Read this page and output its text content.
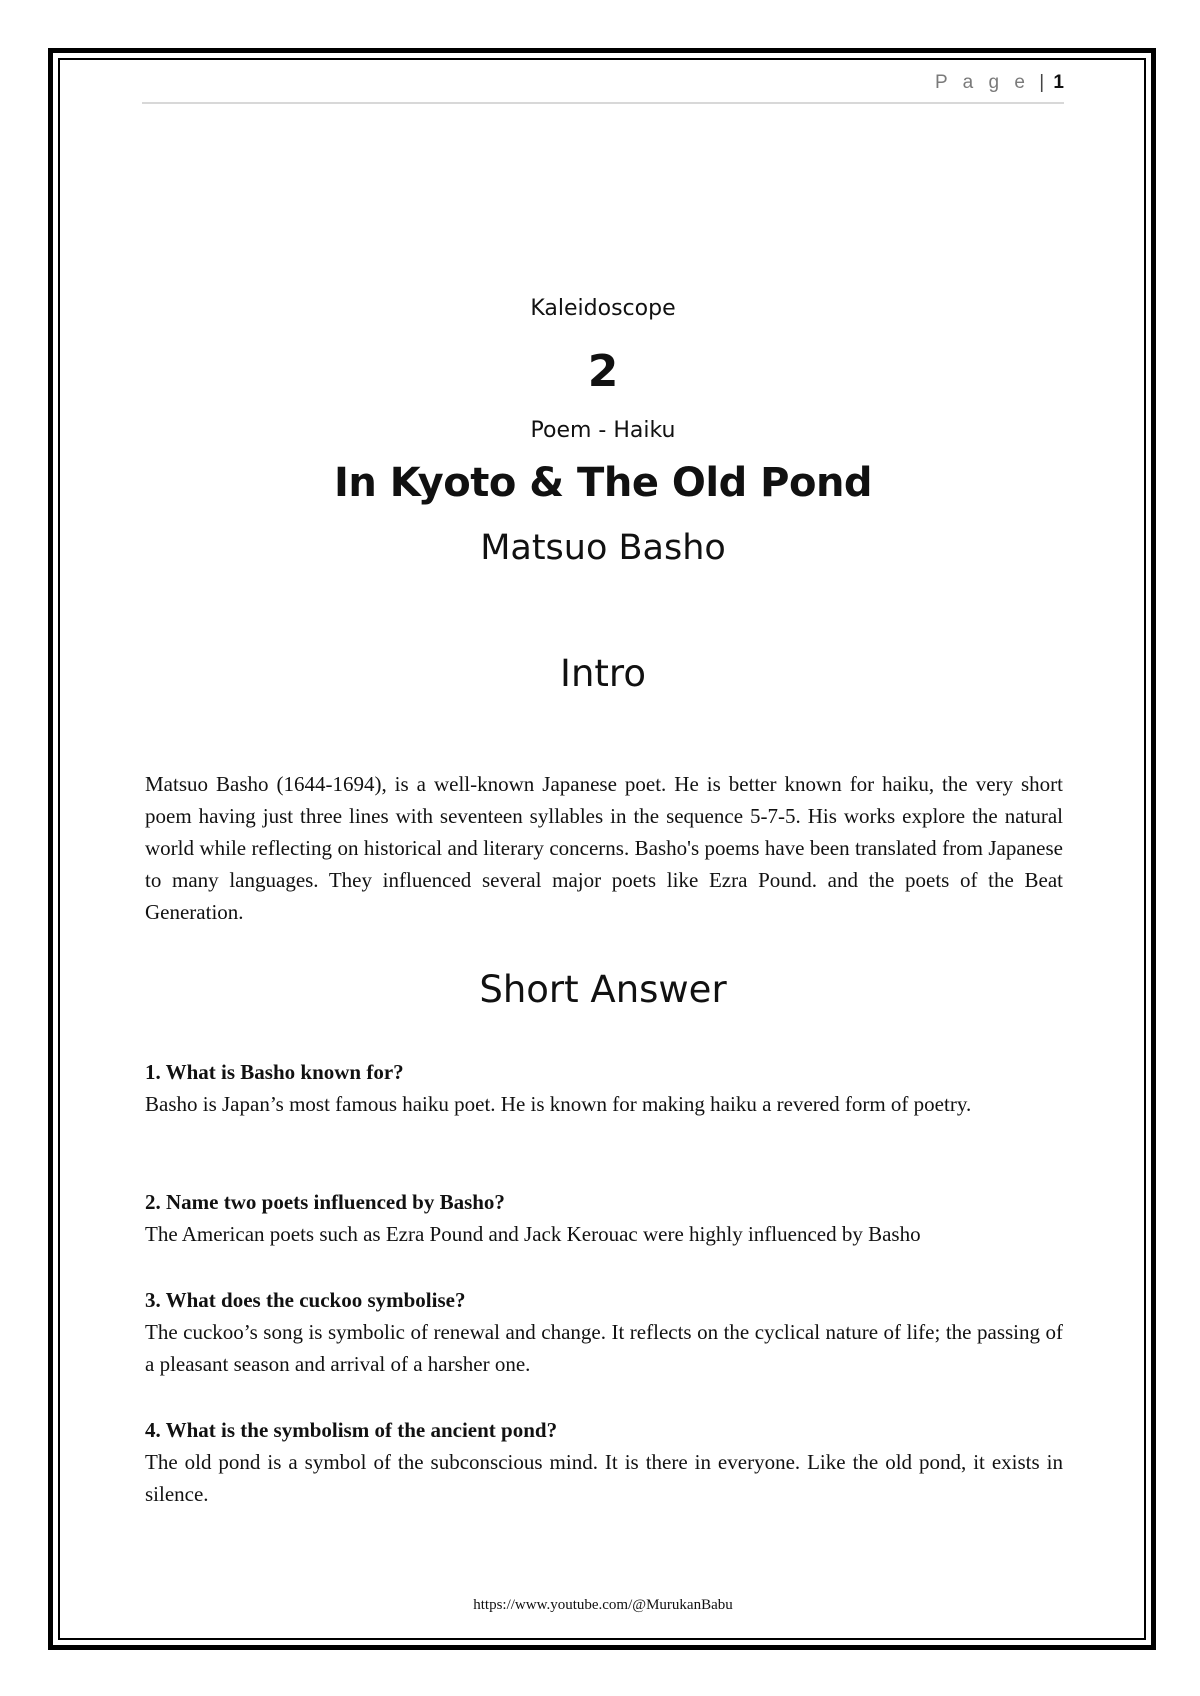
P a g e | 1
Kaleidoscope
2
Poem - Haiku
In Kyoto & The Old Pond
Matsuo Basho
Intro
Matsuo Basho (1644-1694), is a well-known Japanese poet. He is better known for haiku, the very short poem having just three lines with seventeen syllables in the sequence 5-7-5. His works explore the natural world while reflecting on historical and literary concerns. Basho's poems have been translated from Japanese to many languages. They influenced several major poets like Ezra Pound. and the poets of the Beat Generation.
Short Answer
1. What is Basho known for?
Basho is Japan’s most famous haiku poet. He is known for making haiku a revered form of poetry.
2. Name two poets influenced by Basho?
The American poets such as Ezra Pound and Jack Kerouac were highly influenced by Basho
3. What does the cuckoo symbolise?
The cuckoo’s song is symbolic of renewal and change. It reflects on the cyclical nature of life; the passing of a pleasant season and arrival of a harsher one.
4. What is the symbolism of the ancient pond?
The old pond is a symbol of the subconscious mind. It is there in everyone. Like the old pond, it exists in silence.
https://www.youtube.com/@MurukanBabu
